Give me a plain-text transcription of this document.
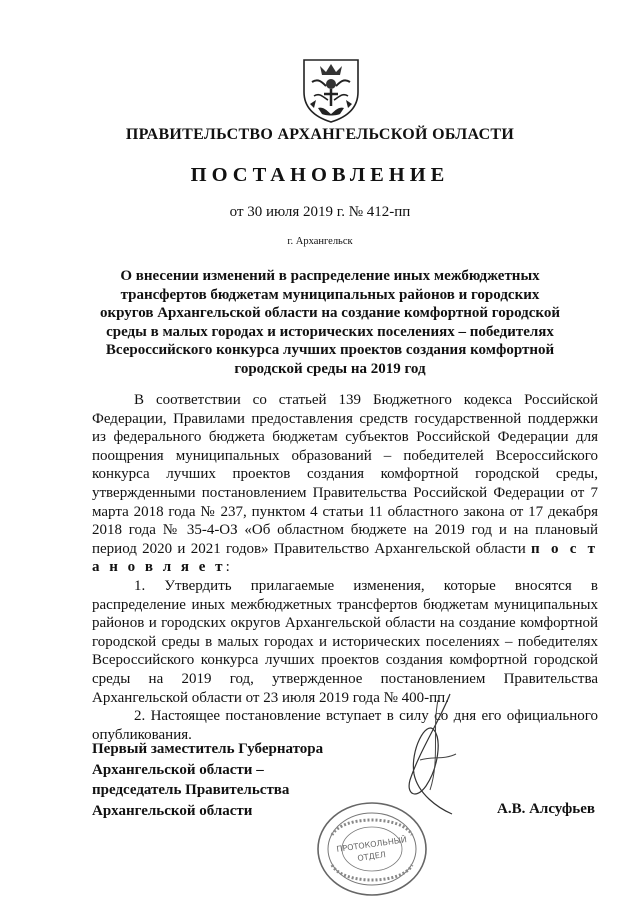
ПРАВИТЕЛЬСТВО АРХАНГЕЛЬСКОЙ ОБЛАСТИ
ПОСТАНОВЛЕНИЕ
от 30 июля 2019 г. № 412-пп
г. Архангельск
О внесении изменений в распределение иных межбюджетных трансфертов бюджетам муниципальных районов и городских округов Архангельской области на создание комфортной городской среды в малых городах и исторических поселениях – победителях Всероссийского конкурса лучших проектов создания комфортной городской среды на 2019 год

В соответствии со статьей 139 Бюджетного кодекса Российской Федерации, Правилами предоставления средств государственной поддержки из федерального бюджета бюджетам субъектов Российской Федерации для поощрения муниципальных образований – победителей Всероссийского конкурса лучших проектов создания комфортной городской среды, утвержденными постановлением Правительства Российской Федерации от 7 марта 2018 года № 237, пунктом 4 статьи 11 областного закона от 17 декабря 2018 года № 35-4-ОЗ «Об областном бюджете на 2019 год и на плановый период 2020 и 2021 годов» Правительство Архангельской области п о с т а н о в л я е т:

1. Утвердить прилагаемые изменения, которые вносятся в распределение иных межбюджетных трансфертов бюджетам муниципальных районов и городских округов Архангельской области на создание комфортной городской среды в малых городах и исторических поселениях – победителях Всероссийского конкурса лучших проектов создания комфортной городской среды на 2019 год, утвержденное постановлением Правительства Архангельской области от 23 июля 2019 года № 400-пп.

2. Настоящее постановление вступает в силу со дня его официального опубликования.

Первый заместитель Губернатора
Архангельской области –
председатель Правительства
Архангельской области	А.В. Алсуфьев
ПРОТОКОЛЬНЫЙ
ОТДЕЛ
